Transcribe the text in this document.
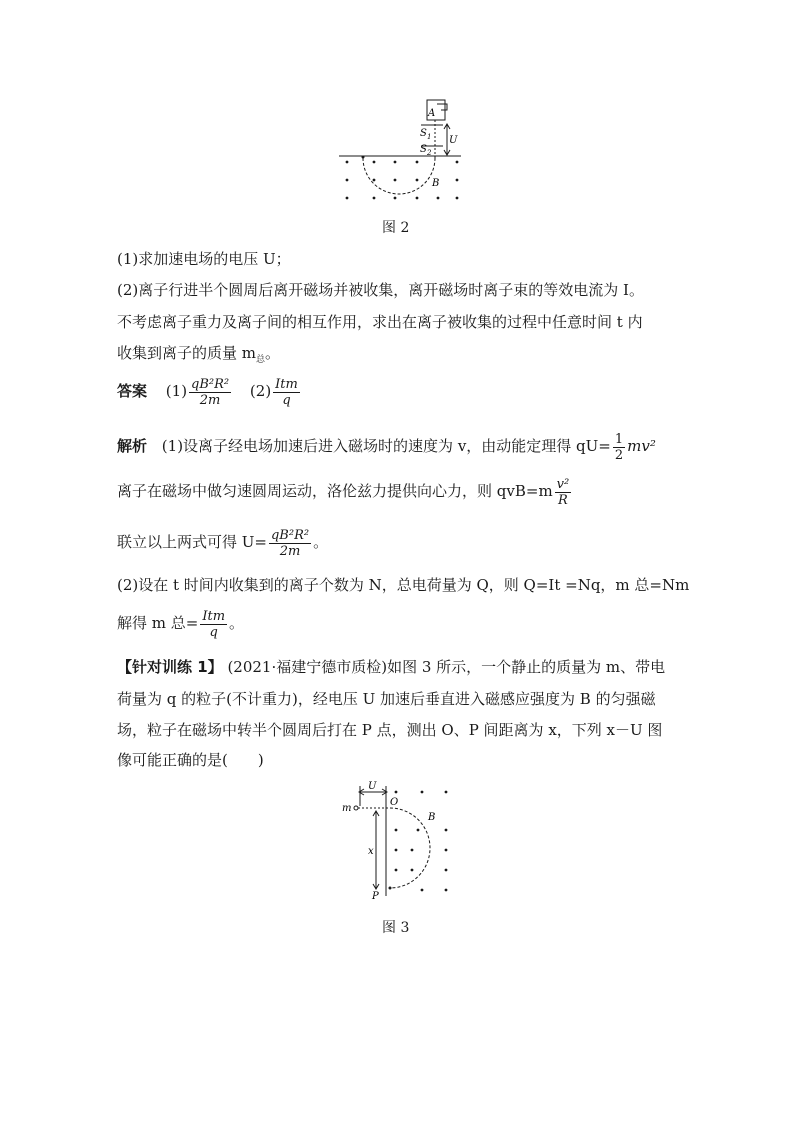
A
S 1
S 2
U
B
图 2
(1)求加速电场的电压 U；
(2)离子行进半个圆周后离开磁场并被收集，离开磁场时离子束的等效电流为 I。
不考虑离子重力及离子间的相互作用，求出在离子被收集的过程中任意时间 t 内
收集到离子的质量 $m_总$。
答案 $(1) \frac{\text{qB²R²}}{2m} (2) \frac{\text{Itm}}{q}$
解析 (1)设离子经电场加速后进入磁场时的速度为 v，由动能定理得 $qU= \frac{1}{2} mv^2$
离子在磁场中做匀速圆周运动，洛伦兹力提供向心力，则 $qvB=m \frac{\text{v²}}{R}$
联立以上两式可得 $U= \frac{\text{qB²R²}}{2m}$ 。
(2)设在 t 时间内收集到的离子个数为 N，总电荷量为 Q，则 Q=It =Nq，m 总=Nm
解得 m 总= $\frac{\text{Itm}}{q}$ 。
【针对训练 1】 (2021·福建宁德市质检)如图 3 所示，一个静止的质量为 m、带电
荷量为 q 的粒子(不计重力)，经电压 U 加速后垂直进入磁感应强度为 B 的匀强磁
场，粒子在磁场中转半个圆周后打在 P 点，测出 O、P 间距离为 x，下列 x－U 图
像可能正确的是(　　)
U
m
O
x
P
B
图 3
